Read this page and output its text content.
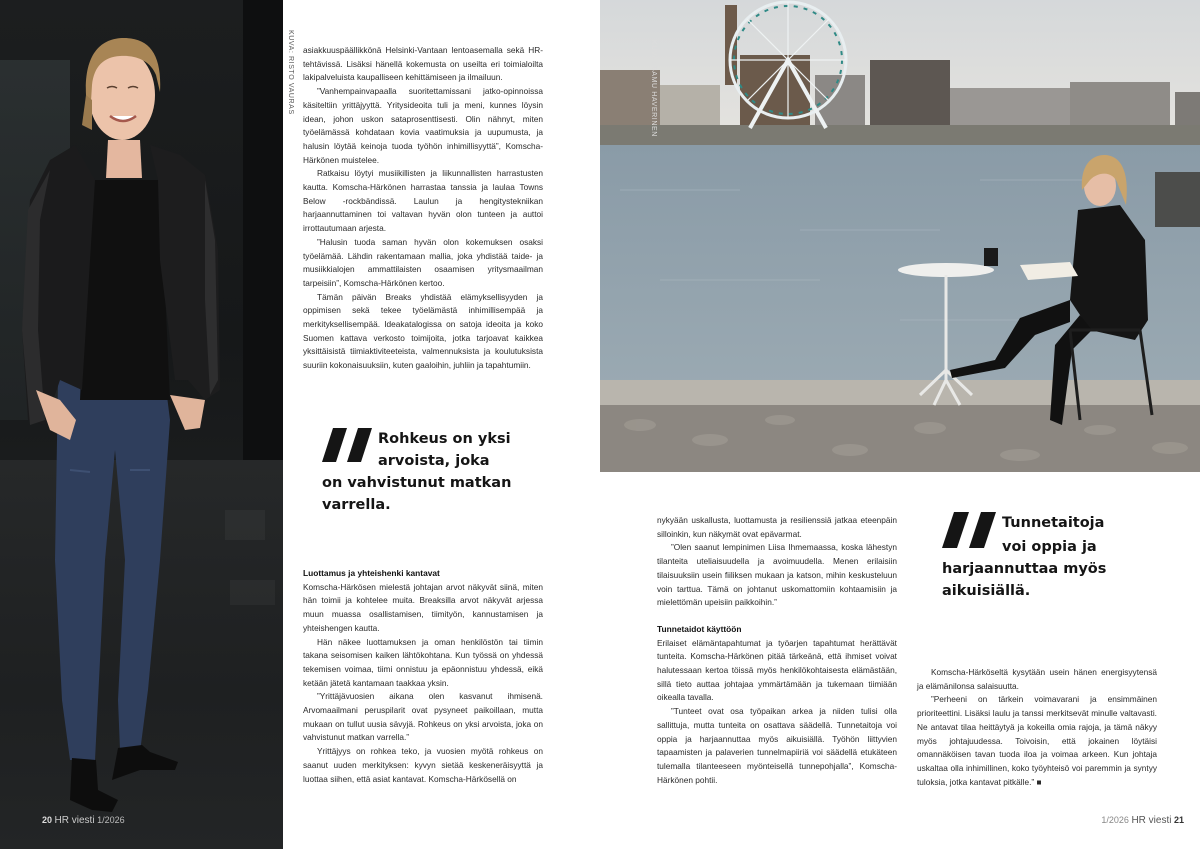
KUVA: RISTO VAURAS
20 HR viesti 1/2026

asiakkuuspäällikkönä Helsinki-Vantaan lentoasemalla sekä HR-tehtävissä. Lisäksi hänellä kokemusta on useilta eri toimialoilta lakipalveluista kaupalliseen kehittämiseen ja ilmailuun.

”Vanhempainvapaalla suoritettamissani jatko-opinnoissa käsiteltiin yrittäjyyttä. Yritysideoita tuli ja meni, kunnes löysin idean, johon uskon sataprosenttisesti. Olin nähnyt, miten työelämässä kohdataan kovia vaatimuksia ja uupumusta, ja halusin löytää keinoja tuoda työhön inhimillisyyttä”, Komscha-Härkönen muistelee.

Ratkaisu löytyi musiikillisten ja liikunnallisten harrastusten kautta. Komscha-Härkönen harrastaa tanssia ja laulaa Towns Below -rockbändissä. Laulun ja hengitystekniikan harjaannuttaminen toi valtavan hyvän olon tunteen ja auttoi irrottautumaan arjesta.

”Halusin tuoda saman hyvän olon kokemuksen osaksi työelämää. Lähdin rakentamaan mallia, joka yhdistää taide- ja musiikkialojen ammattilaisten osaamisen yritysmaailman tarpeisiin”, Komscha-Härkönen kertoo.

Tämän päivän Breaks yhdistää elämyksellisyyden ja oppimisen sekä tekee työelämästä inhimillisempää ja merkityksellisempää. Ideakatalogissa on satoja ideoita ja koko Suomen kattava verkosto toimijoita, jotka tarjoavat kaikkea yksittäisistä tiimiaktiviteeteista, valmennuksista ja koulutuksista suuriin kokonaisuuksiin, kuten gaaloihin, juhliin ja tapahtumiin.

Rohkeus on yksi
arvoista, joka
on vahvistunut matkan
varrella.
Luottamus ja yhteishenki kantavat

Komscha-Härkösen mielestä johtajan arvot näkyvät siinä, miten hän toimii ja kohtelee muita. Breaksilla arvot näkyvät arjessa muun muassa osallistamisen, tiimityön, kannustamisen ja yhteishengen kautta.

Hän näkee luottamuksen ja oman henkilöstön tai tiimin takana seisomisen kaiken lähtökohtana. Kun työssä on yhdessä tekemisen voimaa, tiimi onnistuu ja epäonnistuu yhdessä, eikä ketään jätetä kantamaan taakkaa yksin.

”Yrittäjävuosien aikana olen kasvanut ihmisenä. Arvomaailmani peruspilarit ovat pysyneet paikoillaan, mutta mukaan on tullut uusia sävyjä. Rohkeus on yksi arvoista, joka on vahvistunut matkan varrella.”

Yrittäjyys on rohkea teko, ja vuosien myötä rohkeus on saanut uuden merkityksen: kyvyn sietää keskeneräisyyttä ja luottaa siihen, että asiat kantavat. Komscha-Härkösellä on

nykyään uskallusta, luottamusta ja resilienssiä jatkaa eteenpäin silloinkin, kun näkymät ovat epävarmat.

”Olen saanut lempinimen Liisa Ihmemaassa, koska lähestyn tilanteita uteliaisuudella ja avoimuudella. Menen erilaisiin tilaisuuksiin usein fiiliksen mukaan ja katson, mihin keskusteluun voin tarttua. Tämä on johtanut uskomattomiin kohtaamisiin ja mielettömän upeisiin paikkoihin.”

Tunnetaidot käyttöön

Erilaiset elämäntapahtumat ja työarjen tapahtumat herättävät tunteita. Komscha-Härkönen pitää tärkeänä, että ihmiset voivat halutessaan kertoa töissä myös henkilökohtaisesta elämästään, sillä tieto auttaa johtajaa ymmärtämään ja tukemaan tiimiään oikealla tavalla.

”Tunteet ovat osa työpaikan arkea ja niiden tulisi olla sallittuja, mutta tunteita on osattava säädellä. Tunnetaitoja voi oppia ja harjaannuttaa myös aikuisiällä. Työhön liittyvien tapaamisten ja palaverien tunnelmapiiriä voi säädellä etukäteen tulemalla tilanteeseen myönteisellä tunnepohjalla”, Komscha-Härkönen pohtii.

Tunnetaitoja
voi oppia ja
harjaannuttaa myös
aikuisiällä.

Komscha-Härköseltä kysytään usein hänen energisyytensä ja elämänilonsa salaisuutta.

”Perheeni on tärkein voimavarani ja ensimmäinen prioriteettini. Lisäksi laulu ja tanssi merkitsevät minulle valtavasti. Ne antavat tilaa heittäytyä ja kokeilla omia rajoja, ja tämä näkyy myös johtajuudessa. Toivoisin, että jokainen löytäisi omannäköisen tavan tuoda iloa ja voimaa arkeen. Kun johtaja uskaltaa olla inhimillinen, koko työyhteisö voi paremmin ja syntyy tuloksia, jotka kantavat pitkälle.” ■

KUVA: SAMU HAVERINEN
1/2026 HR viesti 21
